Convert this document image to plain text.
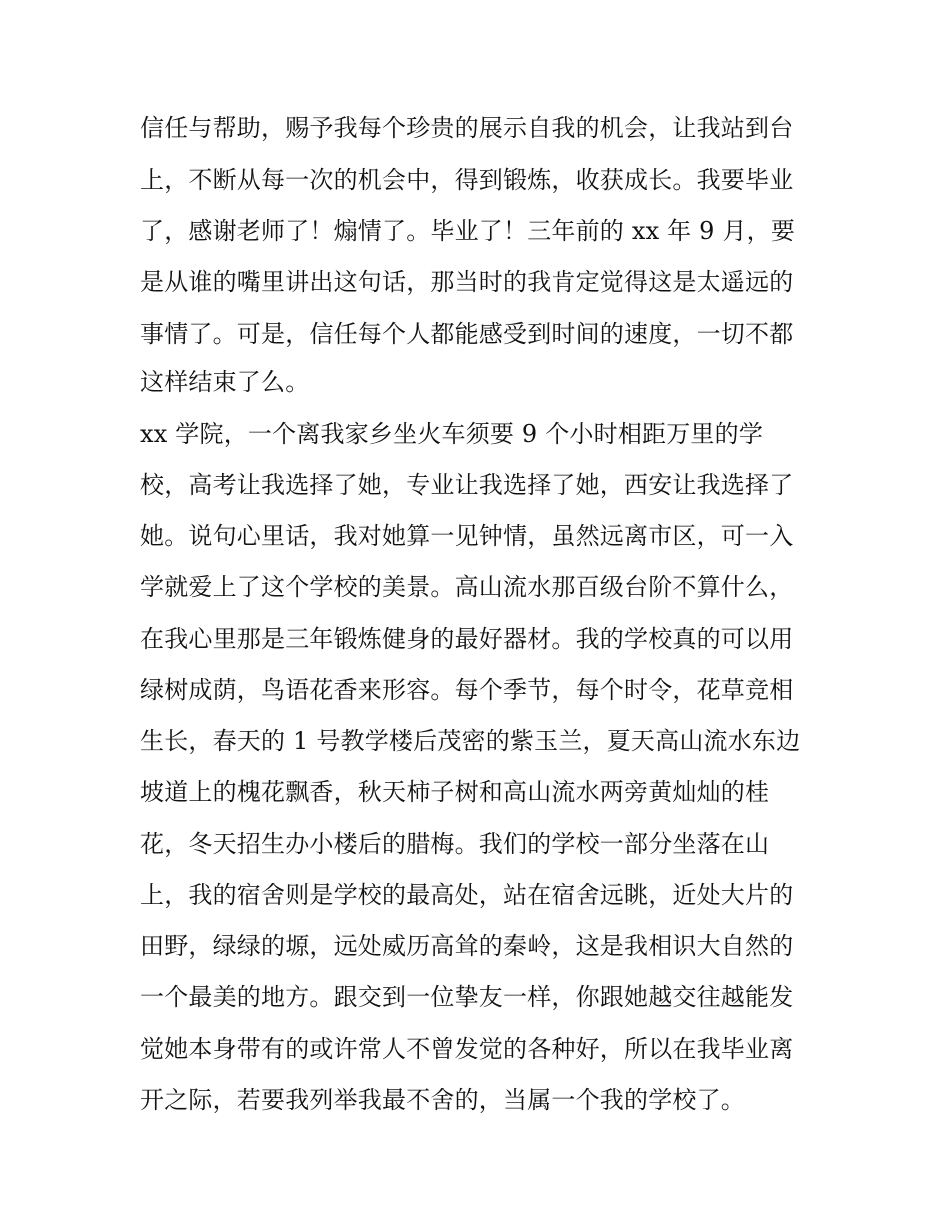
信任与帮助，赐予我每个珍贵的展示自我的机会，让我站到台
上，不断从每一次的机会中，得到锻炼，收获成长。我要毕业
了，感谢老师了！煽情了。毕业了！三年前的 xx 年 9 月，要
是从谁的嘴里讲出这句话，那当时的我肯定觉得这是太遥远的
事情了。可是，信任每个人都能感受到时间的速度，一切不都
这样结束了么。
xx 学院，一个离我家乡坐火车须要 9 个小时相距万里的学
校，高考让我选择了她，专业让我选择了她，西安让我选择了
她。说句心里话，我对她算一见钟情，虽然远离市区，可一入
学就爱上了这个学校的美景。高山流水那百级台阶不算什么，
在我心里那是三年锻炼健身的最好器材。我的学校真的可以用
绿树成荫，鸟语花香来形容。每个季节，每个时令，花草竞相
生长，春天的 1 号教学楼后茂密的紫玉兰，夏天高山流水东边
坡道上的槐花飘香，秋天柿子树和高山流水两旁黄灿灿的桂
花，冬天招生办小楼后的腊梅。我们的学校一部分坐落在山
上，我的宿舍则是学校的最高处，站在宿舍远眺，近处大片的
田野，绿绿的塬，远处威历高耸的秦岭，这是我相识大自然的
一个最美的地方。跟交到一位挚友一样，你跟她越交往越能发
觉她本身带有的或许常人不曾发觉的各种好，所以在我毕业离
开之际，若要我列举我最不舍的，当属一个我的学校了。
